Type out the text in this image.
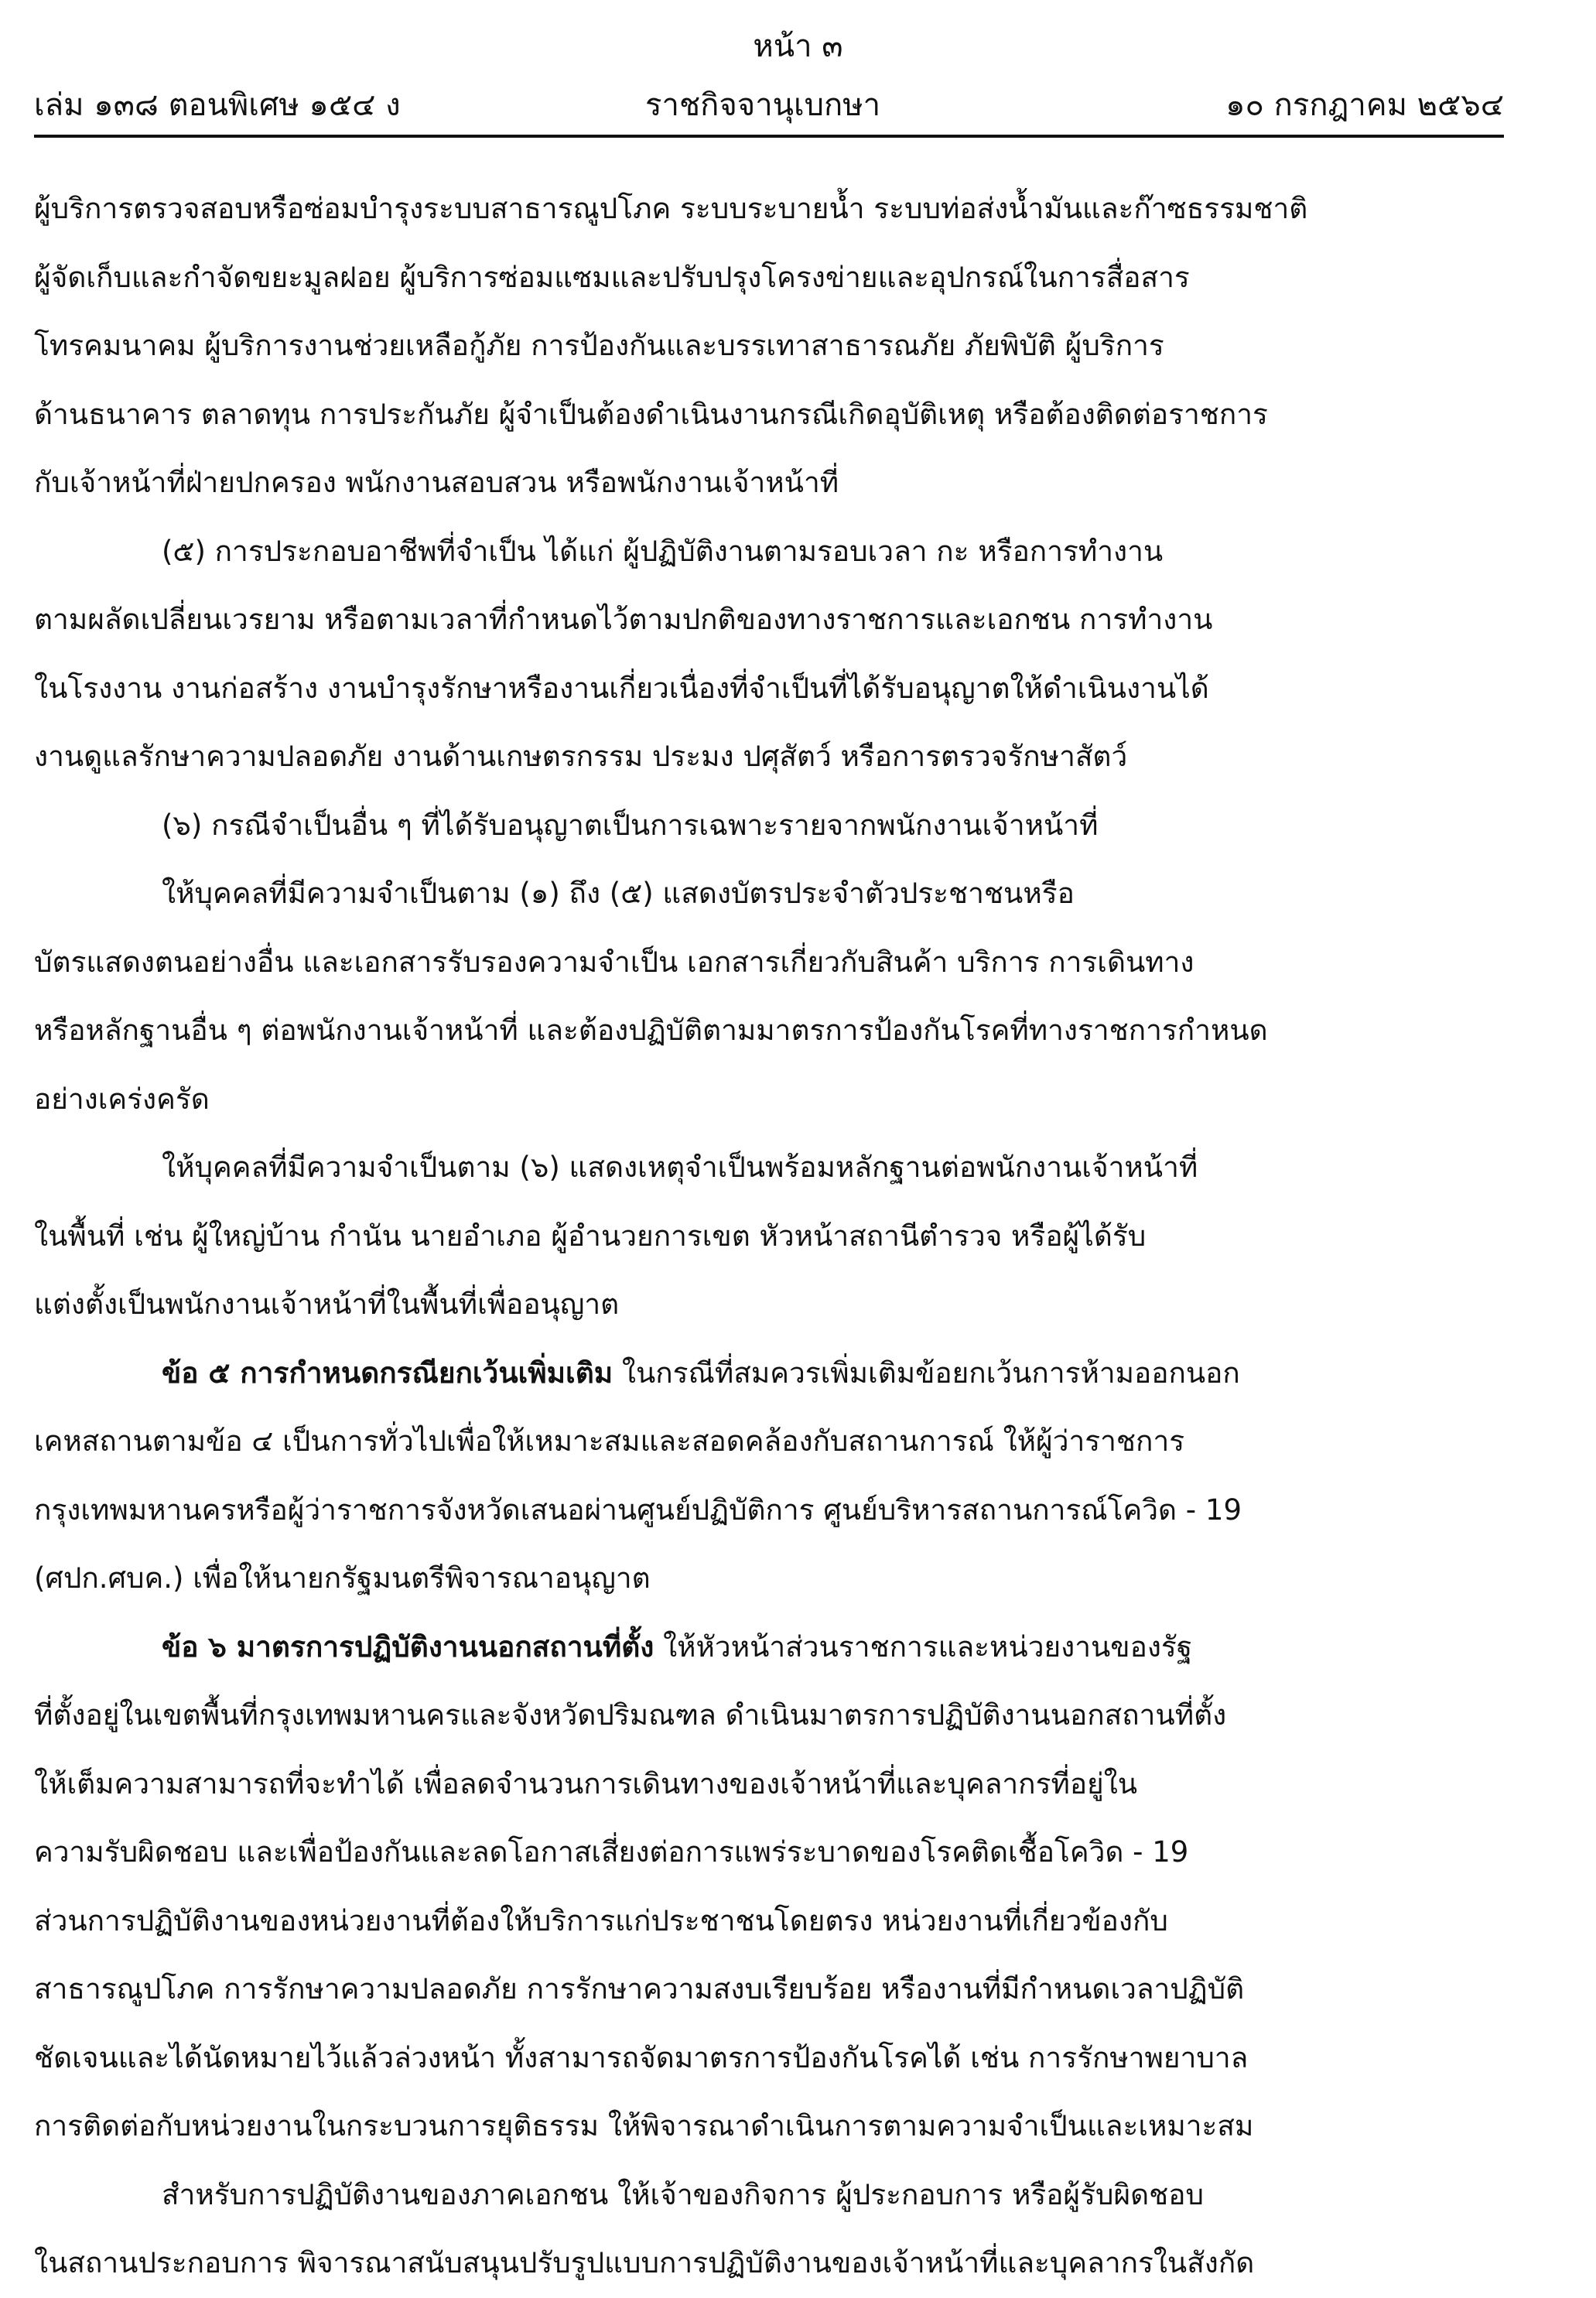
หน้า ๓
เล่ม ๑๓๘ ตอนพิเศษ ๑๕๔ ง	ราชกิจจานุเบกษา	๑๐ กรกฎาคม ๒๕๖๔
ผู้บริการตรวจสอบหรือซ่อมบำรุงระบบสาธารณูปโภค ระบบระบายน้ำ ระบบท่อส่งน้ำมันและก๊าซธรรมชาติ
ผู้จัดเก็บและกำจัดขยะมูลฝอย ผู้บริการซ่อมแซมและปรับปรุงโครงข่ายและอุปกรณ์ในการสื่อสาร
โทรคมนาคม ผู้บริการงานช่วยเหลือกู้ภัย การป้องกันและบรรเทาสาธารณภัย ภัยพิบัติ ผู้บริการ
ด้านธนาคาร ตลาดทุน การประกันภัย ผู้จำเป็นต้องดำเนินงานกรณีเกิดอุบัติเหตุ หรือต้องติดต่อราชการ
กับเจ้าหน้าที่ฝ่ายปกครอง พนักงานสอบสวน หรือพนักงานเจ้าหน้าที่
(๕) การประกอบอาชีพที่จำเป็น ได้แก่ ผู้ปฏิบัติงานตามรอบเวลา กะ หรือการทำงาน
ตามผลัดเปลี่ยนเวรยาม หรือตามเวลาที่กำหนดไว้ตามปกติของทางราชการและเอกชน การทำงาน
ในโรงงาน งานก่อสร้าง งานบำรุงรักษาหรืองานเกี่ยวเนื่องที่จำเป็นที่ได้รับอนุญาตให้ดำเนินงานได้
งานดูแลรักษาความปลอดภัย งานด้านเกษตรกรรม ประมง ปศุสัตว์ หรือการตรวจรักษาสัตว์
(๖) กรณีจำเป็นอื่น ๆ ที่ได้รับอนุญาตเป็นการเฉพาะรายจากพนักงานเจ้าหน้าที่
ให้บุคคลที่มีความจำเป็นตาม (๑) ถึง (๕) แสดงบัตรประจำตัวประชาชนหรือ
บัตรแสดงตนอย่างอื่น และเอกสารรับรองความจำเป็น เอกสารเกี่ยวกับสินค้า บริการ การเดินทาง
หรือหลักฐานอื่น ๆ ต่อพนักงานเจ้าหน้าที่ และต้องปฏิบัติตามมาตรการป้องกันโรคที่ทางราชการกำหนด
อย่างเคร่งครัด
ให้บุคคลที่มีความจำเป็นตาม (๖) แสดงเหตุจำเป็นพร้อมหลักฐานต่อพนักงานเจ้าหน้าที่
ในพื้นที่ เช่น ผู้ใหญ่บ้าน กำนัน นายอำเภอ ผู้อำนวยการเขต หัวหน้าสถานีตำรวจ หรือผู้ได้รับ
แต่งตั้งเป็นพนักงานเจ้าหน้าที่ในพื้นที่เพื่ออนุญาต
ข้อ ๕ การกำหนดกรณียกเว้นเพิ่มเติม ในกรณีที่สมควรเพิ่มเติมข้อยกเว้นการห้ามออกนอก
เคหสถานตามข้อ ๔ เป็นการทั่วไปเพื่อให้เหมาะสมและสอดคล้องกับสถานการณ์ ให้ผู้ว่าราชการ
กรุงเทพมหานครหรือผู้ว่าราชการจังหวัดเสนอผ่านศูนย์ปฏิบัติการ ศูนย์บริหารสถานการณ์โควิด - 19
(ศปก.ศบค.) เพื่อให้นายกรัฐมนตรีพิจารณาอนุญาต
ข้อ ๖ มาตรการปฏิบัติงานนอกสถานที่ตั้ง ให้หัวหน้าส่วนราชการและหน่วยงานของรัฐ
ที่ตั้งอยู่ในเขตพื้นที่กรุงเทพมหานครและจังหวัดปริมณฑล ดำเนินมาตรการปฏิบัติงานนอกสถานที่ตั้ง
ให้เต็มความสามารถที่จะทำได้ เพื่อลดจำนวนการเดินทางของเจ้าหน้าที่และบุคลากรที่อยู่ใน
ความรับผิดชอบ และเพื่อป้องกันและลดโอกาสเสี่ยงต่อการแพร่ระบาดของโรคติดเชื้อโควิด - 19
ส่วนการปฏิบัติงานของหน่วยงานที่ต้องให้บริการแก่ประชาชนโดยตรง หน่วยงานที่เกี่ยวข้องกับ
สาธารณูปโภค การรักษาความปลอดภัย การรักษาความสงบเรียบร้อย หรืองานที่มีกำหนดเวลาปฏิบัติ
ชัดเจนและได้นัดหมายไว้แล้วล่วงหน้า ทั้งสามารถจัดมาตรการป้องกันโรคได้ เช่น การรักษาพยาบาล
การติดต่อกับหน่วยงานในกระบวนการยุติธรรม ให้พิจารณาดำเนินการตามความจำเป็นและเหมาะสม
สำหรับการปฏิบัติงานของภาคเอกชน ให้เจ้าของกิจการ ผู้ประกอบการ หรือผู้รับผิดชอบ
ในสถานประกอบการ พิจารณาสนับสนุนปรับรูปแบบการปฏิบัติงานของเจ้าหน้าที่และบุคลากรในสังกัด
